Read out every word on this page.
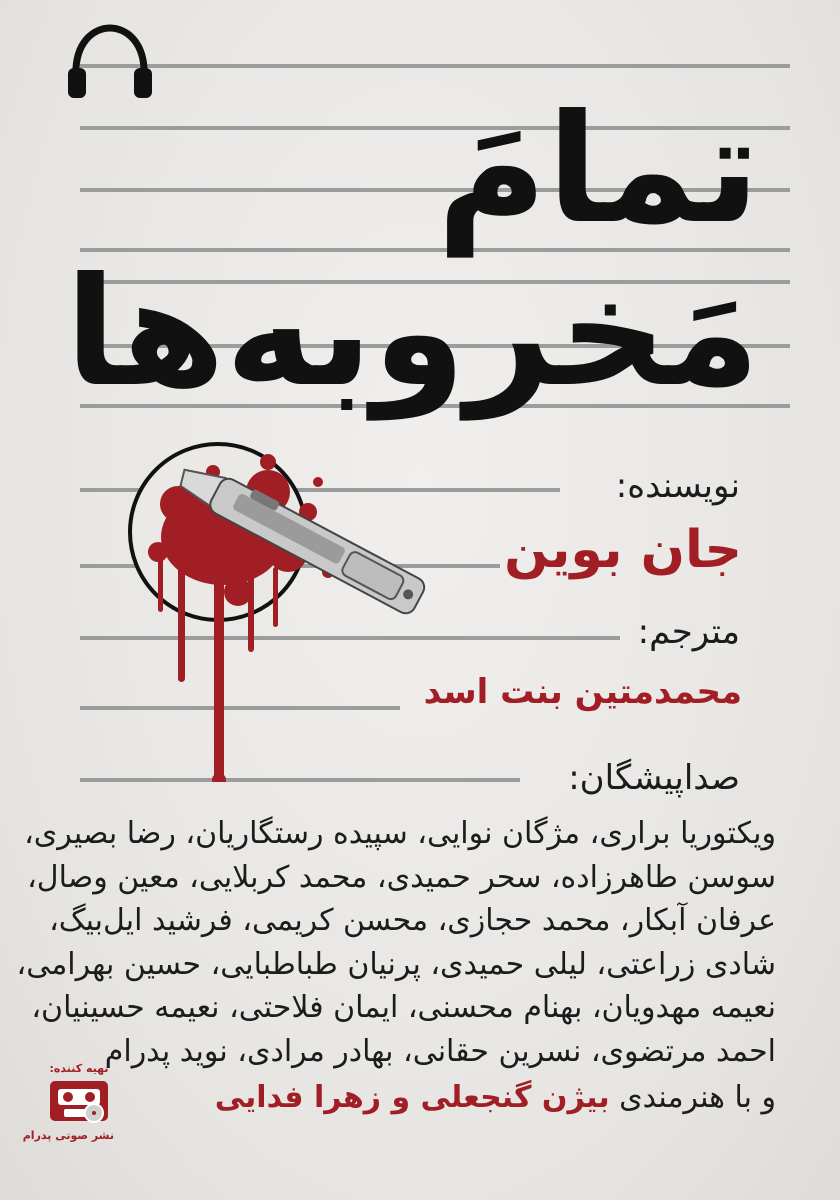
تمامَ
مَخروبه‌ها
نویسنده:
جان بوین
مترجم:
محمدمتین بنت اسد
صداپیشگان:
ویکتوریا براری، مژگان نوایی، سپیده رستگاریان، رضا بصیری،
سوسن طاهرزاده، سحر حمیدی، محمد کربلایی، معین وصال،
عرفان آبکار، محمد حجازی، محسن کریمی، فرشید ایل‌بیگ،
شادی زراعتی، لیلی حمیدی، پرنیان طباطبایی، حسین بهرامی،
نعیمه مهدویان، بهنام محسنی، ایمان فلاحتی، نعیمه حسینیان،
احمد مرتضوی، نسرین حقانی، بهادر مرادی، نوید پدرام
و با هنرمندی بیژن گنجعلی و زهرا فدایی
تهیه کننده:
نشر صوتی پدرام
